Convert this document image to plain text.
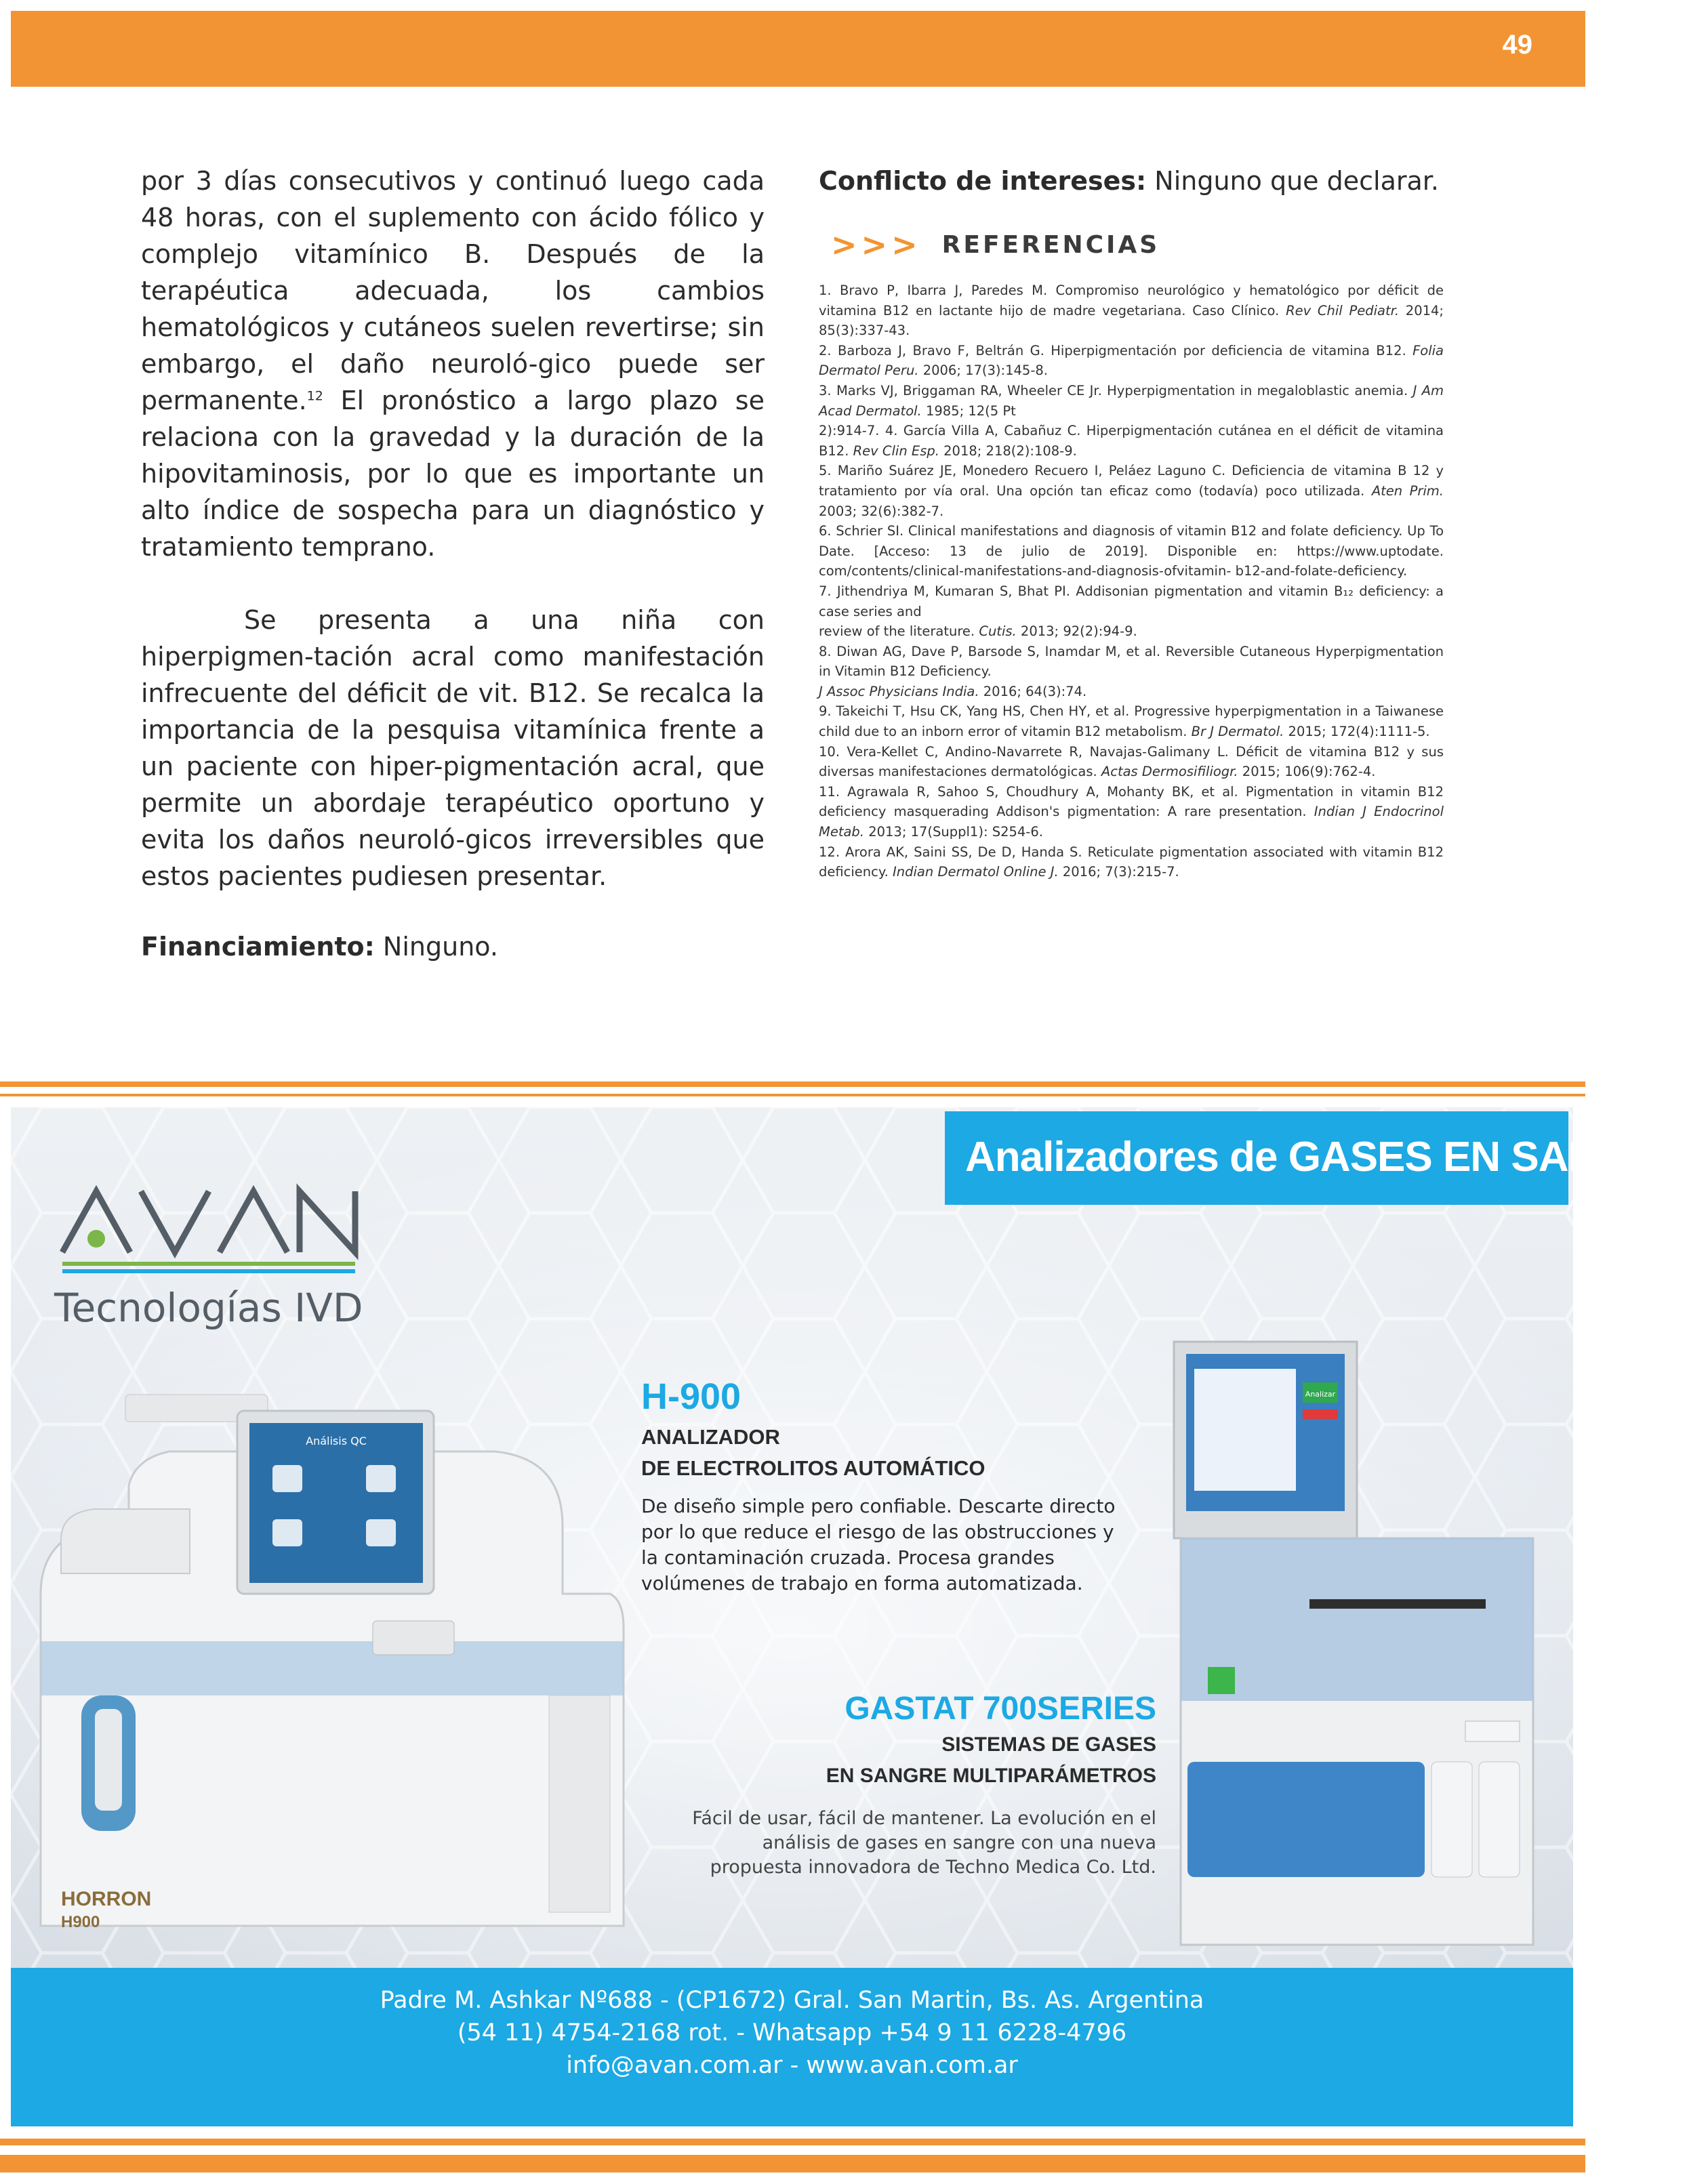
49

por 3 días consecutivos y continuó luego cada 48 horas, con el suplemento con ácido fólico y complejo vitamínico B. Después de la terapéutica adecuada, los cambios hematológicos y cutáneos suelen revertirse; sin embargo, el daño neuroló-gico puede ser permanente.$^{12}$ El pronóstico a largo plazo se relaciona con la gravedad y la duración de la hipovitaminosis, por lo que es importante un alto índice de sospecha para un diagnóstico y tratamiento temprano.

Se presenta a una niña con hiperpigmen-tación acral como manifestación infrecuente del déficit de vit. B12. Se recalca la importancia de la pesquisa vitamínica frente a un paciente con hiper-pigmentación acral, que permite un abordaje terapéutico oportuno y evita los daños neuroló-gicos irreversibles que estos pacientes pudiesen presentar.

Financiamiento: Ninguno.

Conflicto de intereses: Ninguno que declarar.

>>> REFERENCIAS
1. Bravo P, Ibarra J, Paredes M. Compromiso neurológico y hematológico por déficit de vitamina B12 en lactante hijo de madre vegetariana. Caso Clínico. Rev Chil Pediatr. 2014; 85(3):337-43.
2. Barboza J, Bravo F, Beltrán G. Hiperpigmentación por deficiencia de vitamina B12. Folia Dermatol Peru. 2006; 17(3):145-8.
3. Marks VJ, Briggaman RA, Wheeler CE Jr. Hyperpigmentation in megaloblastic anemia. J Am Acad Dermatol. 1985; 12(5 Pt
2):914-7. 4. García Villa A, Cabañuz C. Hiperpigmentación cutánea en el déficit de vitamina B12. Rev Clin Esp. 2018; 218(2):108-9.
5. Mariño Suárez JE, Monedero Recuero I, Peláez Laguno C. Deficiencia de vitamina B 12 y tratamiento por vía oral. Una opción tan eficaz como (todavía) poco utilizada. Aten Prim. 2003; 32(6):382-7.
6. Schrier SI. Clinical manifestations and diagnosis of vitamin B12 and folate deficiency. Up To Date. [Acceso: 13 de julio de 2019]. Disponible en: https://www.uptodate. com/contents/clinical-manifestations-and-diagnosis-ofvitamin- b12-and-folate-deficiency.
7. Jithendriya M, Kumaran S, Bhat PI. Addisonian pigmentation and vitamin B₁₂ deficiency: a case series and
review of the literature. Cutis. 2013; 92(2):94-9.
8. Diwan AG, Dave P, Barsode S, Inamdar M, et al. Reversible Cutaneous Hyperpigmentation in Vitamin B12 Deficiency.
J Assoc Physicians India. 2016; 64(3):74.
9. Takeichi T, Hsu CK, Yang HS, Chen HY, et al. Progressive hyperpigmentation in a Taiwanese child due to an inborn error of vitamin B12 metabolism. Br J Dermatol. 2015; 172(4):1111-5.
10. Vera-Kellet C, Andino-Navarrete R, Navajas-Galimany L. Déficit de vitamina B12 y sus diversas manifestaciones dermatológicas. Actas Dermosifiliogr. 2015; 106(9):762-4.
11. Agrawala R, Sahoo S, Choudhury A, Mohanty BK, et al. Pigmentation in vitamin B12 deficiency masquerading Addison's pigmentation: A rare presentation. Indian J Endocrinol Metab. 2013; 17(Suppl1): S254-6.
12. Arora AK, Saini SS, De D, Handa S. Reticulate pigmentation associated with vitamin B12 deficiency. Indian Dermatol Online J. 2016; 7(3):215-7.
Analizadores de GASES EN SANGRE
Tecnologías IVD
Análisis QC
HORRON
H900
H-900
ANALIZADOR
DE ELECTROLITOS AUTOMÁTICO
De diseño simple pero confiable. Descarte directo por lo que reduce el riesgo de las obstrucciones y la contaminación cruzada. Procesa grandes volúmenes de trabajo en forma automatizada.
Analizar
GASTAT 700SERIES
SISTEMAS DE GASES
EN SANGRE MULTIPARÁMETROS
Fácil de usar, fácil de mantener. La evolución en el análisis de gases en sangre con una nueva propuesta innovadora de Techno Medica Co. Ltd.
Padre M. Ashkar Nº688 - (CP1672) Gral. San Martin, Bs. As. Argentina
(54 11) 4754-2168 rot. - Whatsapp +54 9 11 6228-4796
info@avan.com.ar - www.avan.com.ar
